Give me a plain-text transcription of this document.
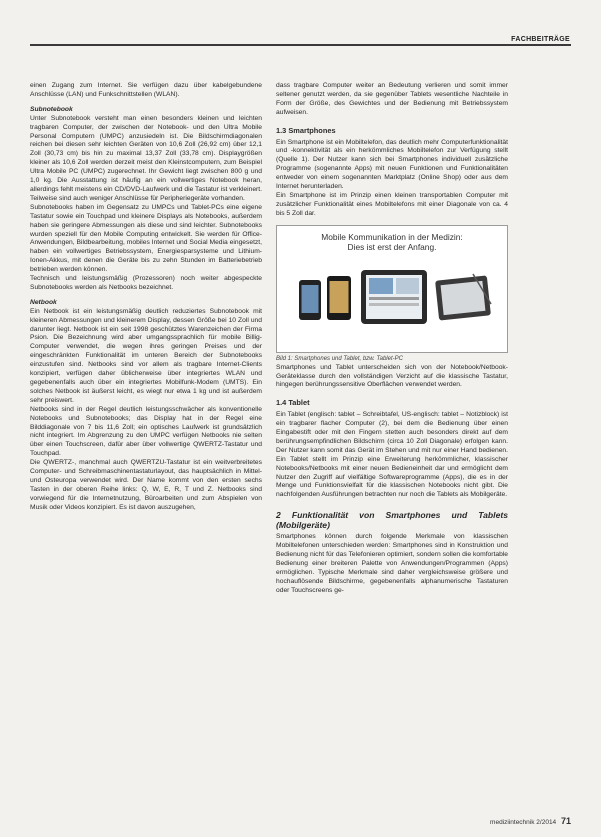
FACHBEITRÄGE

einen Zugang zum Internet. Sie verfügen dazu über kabelgebundene Anschlüsse (LAN) und Funkschnittstellen (WLAN).

Subnotebook

Unter Subnotebook versteht man einen besonders kleinen und leichten tragbaren Computer, der zwischen der Notebook- und den Ultra Mobile Personal Computern (UMPC) anzusiedeln ist. Die Bildschirmdiagonalen reichen bei diesen sehr leichten Geräten von 10,6 Zoll (26,92 cm) über 12,1 Zoll (30,73 cm) bis hin zu maximal 13,37 Zoll (33,78 cm). Displaygrößen kleiner als 10,6 Zoll werden derzeit meist den Kleinstcomputern, zum Beispiel Ultra Mobile PC (UMPC) zugerechnet. Ihr Gewicht liegt zwischen 800 g und 1,0 kg. Die Ausstattung ist häufig an ein vollwertiges Notebook heran, allerdings fehlt meistens ein CD/DVD-Laufwerk und die Tastatur ist verkleinert. Teilweise sind auch weniger Anschlüsse für Peripheriegeräte vorhanden.

Subnotebooks haben im Gegensatz zu UMPCs und Tablet-PCs eine eigene Tastatur sowie ein Touchpad und kleinere Displays als Notebooks, außerdem haben sie geringere Abmessungen als diese und sind leichter. Subnotebooks wurden speziell für den Mobile Computing entwickelt. Sie werden für Office-Anwendungen, Bildbearbeitung, mobiles Internet und Social Media eingesetzt, haben ein vollwertiges Betriebssystem, Energiesparsysteme und Lithium-Ionen-Akkus, mit denen die Geräte bis zu zehn Stunden im Batteriebetrieb betrieben werden können.

Technisch und leistungsmäßig (Prozessoren) noch weiter abgespeckte Subnotebooks werden als Netbooks bezeichnet.

Netbook

Ein Netbook ist ein leistungsmäßig deutlich reduziertes Subnotebook mit kleineren Abmessungen und kleinerem Display, dessen Größe bei 10 Zoll und darunter liegt. Netbook ist ein seit 1998 geschütztes Warenzeichen der Firma Psion. Die Bezeichnung wird aber umgangssprachlich für mobile Billig-Computer verwendet, die wegen ihres geringen Preises und der eingeschränkten Funktionalität im unteren Bereich der Subnotebooks einzustufen sind. Netbooks sind vor allem als tragbare Internet-Clients konzipiert, verfügen daher üblicherweise über integriertes WLAN und gegebenenfalls auch über ein integriertes Mobilfunk-Modem (UMTS). Ein solches Netbook ist äußerst leicht, es wiegt nur etwa 1 kg und ist außerdem sehr preiswert.

Netbooks sind in der Regel deutlich leistungsschwächer als konventionelle Notebooks und Subnotebooks; das Display hat in der Regel eine Bilddiagonale von 7 bis 11,6 Zoll; ein optisches Laufwerk ist grundsätzlich nicht integriert. Im Abgrenzung zu den UMPC verfügen Netbooks nie selten über einen Touchscreen, dafür aber über vollwertige QWERTZ-Tastatur und Touchpad.

Die QWERTZ-, manchmal auch QWERTZU-Tastatur ist ein weitverbreitetes Computer- und Schreibmaschinentastaturlayout, das hauptsächlich in Mittel- und Osteuropa verwendet wird. Der Name kommt von den ersten sechs Tasten in der oberen Reihe links: Q, W, E, R, T und Z. Netbooks sind vorwiegend für die Internetnutzung, Bürоarbeiten und zum Abspielen von Musik oder Videos konzipiert. Es ist davon auszugehen,

dass tragbare Computer weiter an Bedeutung verlieren und somit immer seltener genutzt werden, da sie gegenüber Tablets wesentliche Nachteile in Form der Größe, des Gewichtes und der Bedienung mit Betriebssystem aufweisen.

1.3 Smartphones

Ein Smartphone ist ein Mobiltelefon, das deutlich mehr Computerfunktionalität und -konnektivität als ein herkömmliches Mobiltelefon zur Verfügung stellt (Quelle 1). Der Nutzer kann sich bei Smartphones individuell zusätzliche Programme (sogenannte Apps) mit neuen Funktionen und Funktionalitäten entweder von einem sogenannten Marktplatz (Online Shop) oder aus dem Internet herunterladen.

Ein Smartphone ist im Prinzip einen kleinen transportablen Computer mit zusätzlicher Funktionalität eines Mobiltelefons mit einer Diagonale von ca. 4 bis 5 Zoll dar.

Mobile Kommunikation in der Medizin:
Dies ist erst der Anfang.

Bild 1: Smartphones und Tablet, bzw. Tablet-PC

Smartphones und Tablet unterscheiden sich von der Notebook/Netbook-Geräteklasse durch den vollständigen Verzicht auf die klassische Tastatur, hingegen berührungssensitive Oberflächen verwendet werden.

1.4 Tablet

Ein Tablet (englisch: tablet – Schreibtafel, US-englisch: tablet – Notizblock) ist ein tragbarer flacher Computer (2), bei dem die Bedienung über einen Eingabestift oder mit den Fingern stetten auch besonders direkt auf dem berührungsempfindlichen Bildschirm (circa 10 Zoll Diagonale) erfolgen kann. Der Nutzer kann somit das Gerät im Stehen und mit nur einer Hand bedienen. Ein Tablet stellt im Prinzip eine Erweiterung herkömmlicher, klassischer Notebooks/Netbooks mit einer neuen Bedieneinheit dar und ermöglicht dem Nutzer den Zugriff auf vielfältige Softwareprogramme (Apps), die es in der Menge und Funktionsvielfalt für die klassischen Notebooks nicht gibt. Die nachfolgenden Ausführungen betrachten nur noch die Tablets als Mobilgeräte.

2 Funktionalität von Smartphones und Tablets (Mobilgeräte)

Smartphones können durch folgende Merkmale von klassischen Mobiltelefonen unterschieden werden: Smartphones sind in Konstruktion und Bedienung nicht für das Telefonieren optimiert, sondern sollen die komfortable Bedienung einer breiteren Palette von Anwendungen/Programmen (Apps) ermöglichen. Typische Merkmale sind daher vergleichsweise größere und hochauflösende Bildschirme, gegebenenfalls alphanumerische Tastaturen oder Touchscreens ge-

mediziintechnik 2/2014 71
